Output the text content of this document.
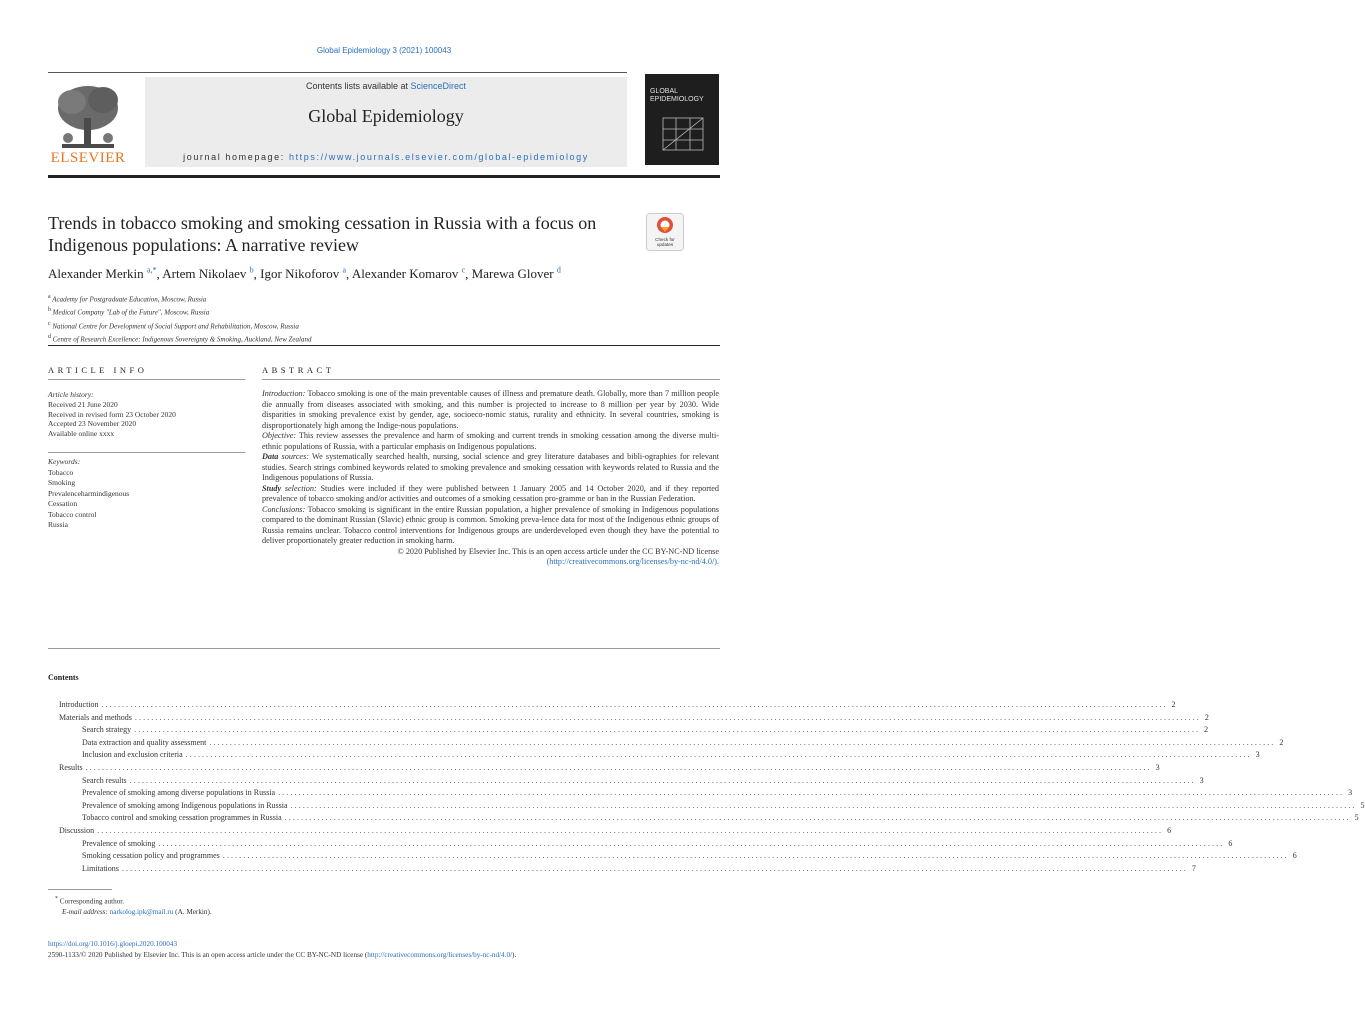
Global Epidemiology 3 (2021) 100043
ELSEVIER
Contents lists available at ScienceDirect
Global Epidemiology
journal homepage: https://www.journals.elsevier.com/global-epidemiology
GLOBAL EPIDEMIOLOGY
Trends in tobacco smoking and smoking cessation in Russia with a focus on Indigenous populations: A narrative review	Check for
updates
Alexander Merkin $^{a,*}$, Artem Nikolaev $^b$, Igor Nikoforov $^a$, Alexander Komarov $^c$, Marewa Glover $^d$
$^a$ Academy for Postgraduate Education, Moscow, Russia
$^b$ Medical Company "Lab of the Future", Moscow, Russia
$^c$ National Centre for Development of Social Support and Rehabilitation, Moscow, Russia
$^d$ Centre of Research Excellence: Indigenous Sovereignty & Smoking, Auckland, New Zealand
ARTICLE INFO
Article history:
Received 21 June 2020
Received in revised form 23 October 2020
Accepted 23 November 2020
Available online xxxx
Keywords:
Tobacco
Smoking
Prevalenceharmindigenous
Cessation
Tobacco control
Russia
ABSTRACT

Introduction: Tobacco smoking is one of the main preventable causes of illness and premature death. Globally, more than 7 million people die annually from diseases associated with smoking, and this number is projected to increase to 8 million per year by 2030. Wide disparities in smoking prevalence exist by gender, age, socioeco-nomic status, rurality and ethnicity. In several countries, smoking is disproportionately high among the Indige-nous populations.

Objective: This review assesses the prevalence and harm of smoking and current trends in smoking cessation among the diverse multi-ethnic populations of Russia, with a particular emphasis on Indigenous populations.

Data sources: We systematically searched health, nursing, social science and grey literature databases and bibli-ographies for relevant studies. Search strings combined keywords related to smoking prevalence and smoking cessation with keywords related to Russia and the Indigenous populations of Russia.

Study selection: Studies were included if they were published between 1 January 2005 and 14 October 2020, and if they reported prevalence of tobacco smoking and/or activities and outcomes of a smoking cessation pro-gramme or ban in the Russian Federation.

Conclusions: Tobacco smoking is significant in the entire Russian population, a higher prevalence of smoking in Indigenous populations compared to the dominant Russian (Slavic) ethnic group is common. Smoking preva-lence data for most of the Indigenous ethnic groups of Russia remains unclear. Tobacco control interventions for Indigenous groups are underdeveloped even though they have the potential to deliver proportionately greater reduction in smoking harm.

© 2020 Published by Elsevier Inc. This is an open access article under the CC BY-NC-ND license
(http://creativecommons.org/licenses/by-nc-nd/4.0/).

Contents
Introduction .................................................................................................................................................................................................................................................................... 2
Materials and methods .................................................................................................................................................................................................................................................................... 2
Search strategy .................................................................................................................................................................................................................................................................... 2
Data extraction and quality assessment .................................................................................................................................................................................................................................................................... 2
Inclusion and exclusion criteria .................................................................................................................................................................................................................................................................... 3
Results .................................................................................................................................................................................................................................................................... 3
Search results .................................................................................................................................................................................................................................................................... 3
Prevalence of smoking among diverse populations in Russia .................................................................................................................................................................................................................................................................... 3
Prevalence of smoking among Indigenous populations in Russia .................................................................................................................................................................................................................................................................... 5
Tobacco control and smoking cessation programmes in Russia .................................................................................................................................................................................................................................................................... 5
Discussion .................................................................................................................................................................................................................................................................... 6
Prevalence of smoking .................................................................................................................................................................................................................................................................... 6
Smoking cessation policy and programmes .................................................................................................................................................................................................................................................................... 6
Limitations .................................................................................................................................................................................................................................................................... 7
* Corresponding author.
E-mail address: narkolog.ipk@mail.ru (A. Merkin).
https://doi.org/10.1016/j.gloepi.2020.100043
2590-1133/© 2020 Published by Elsevier Inc. This is an open access article under the CC BY-NC-ND license (http://creativecommons.org/licenses/by-nc-nd/4.0/).
